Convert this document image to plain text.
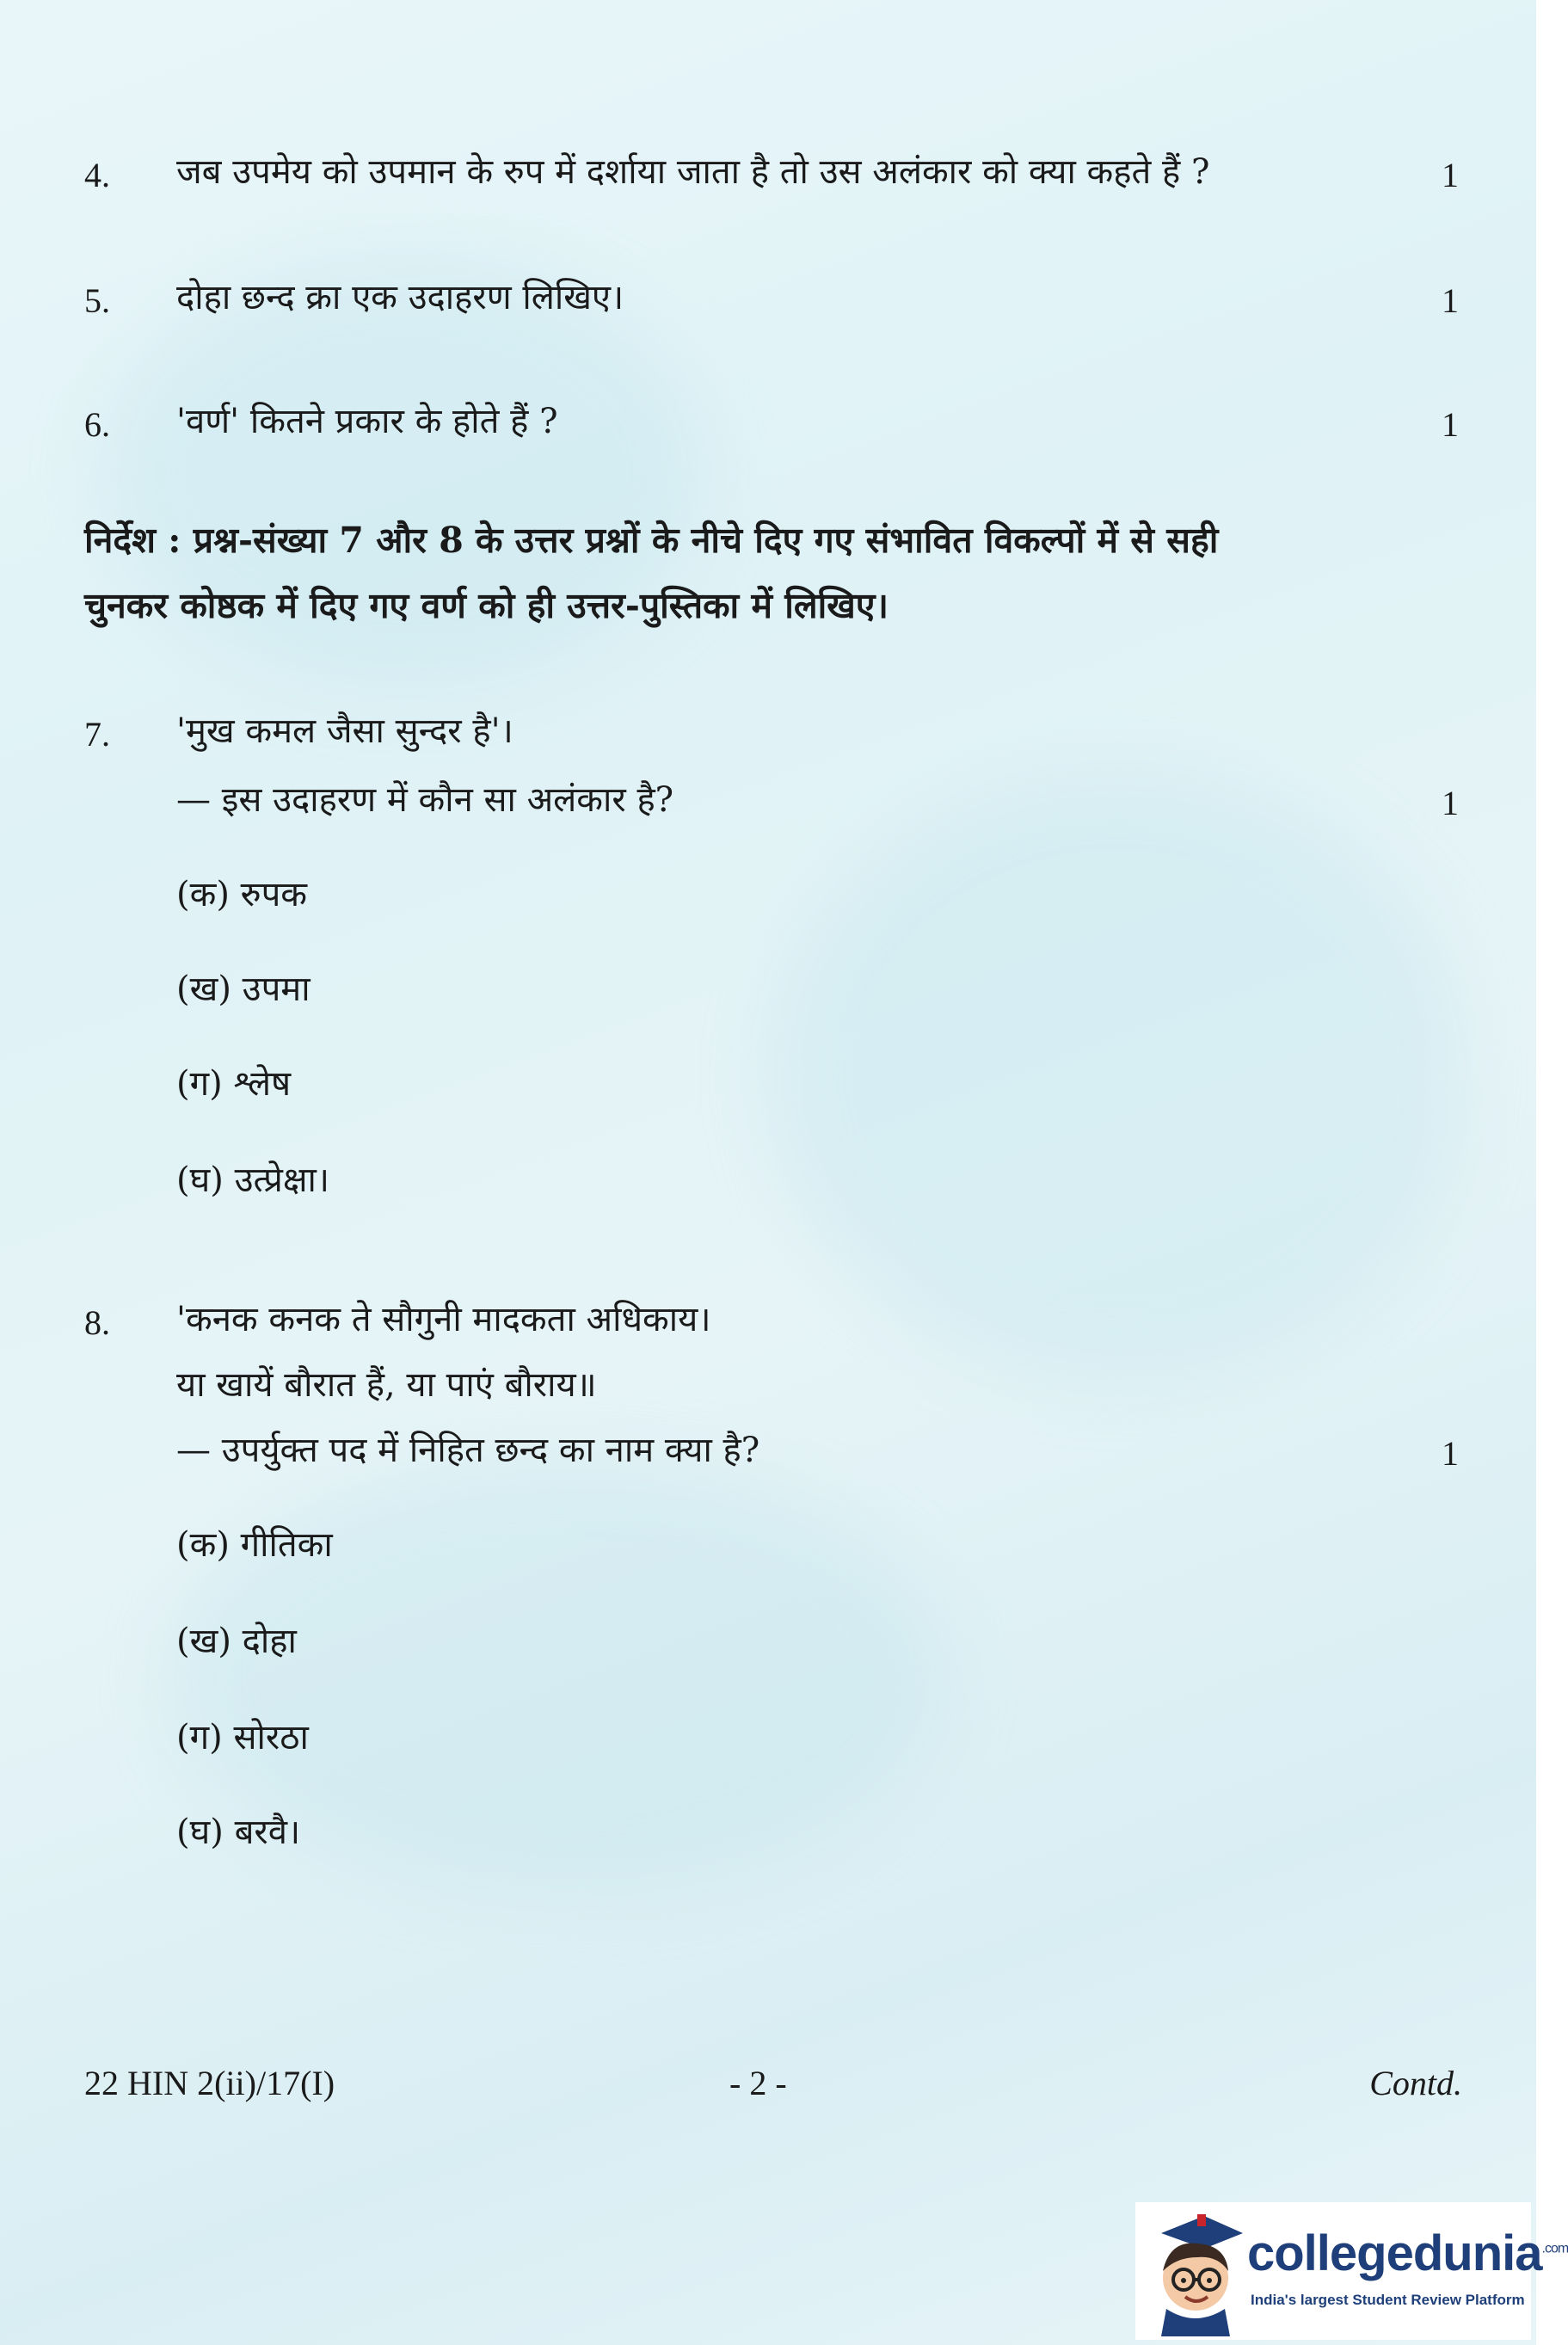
4. जब उपमेय को उपमान के रुप में दर्शाया जाता है तो उस अलंकार को क्या कहते हैं ?	1
5. दोहा छन्द क्रा एक उदाहरण लिखिए।	1
6. 'वर्ण' कितने प्रकार के होते हैं ?	1
निर्देश : प्रश्न-संख्या 7 और 8 के उत्तर प्रश्नों के नीचे दिए गए संभावित विकल्पों में से सही
चुनकर कोष्ठक में दिए गए वर्ण को ही उत्तर-पुस्तिका में लिखिए।
7. 'मुख कमल जैसा सुन्दर है'।
— इस उदाहरण में कौन सा अलंकार है?	1
(क) रुपक
(ख) उपमा
(ग) श्लेष
(घ) उत्प्रेक्षा।
8. 'कनक कनक ते सौगुनी मादकता अधिकाय।
या खायें बौरात हैं, या पाएं बौराय॥
— उपर्युक्त पद में निहित छन्द का नाम क्या है?	1
(क) गीतिका
(ख) दोहा
(ग) सोरठा
(घ) बरवै।
22 HIN 2(ii)/17(I)	- 2 -	Contd.
collegedunia$^{.com}$
India's largest Student Review Platform
